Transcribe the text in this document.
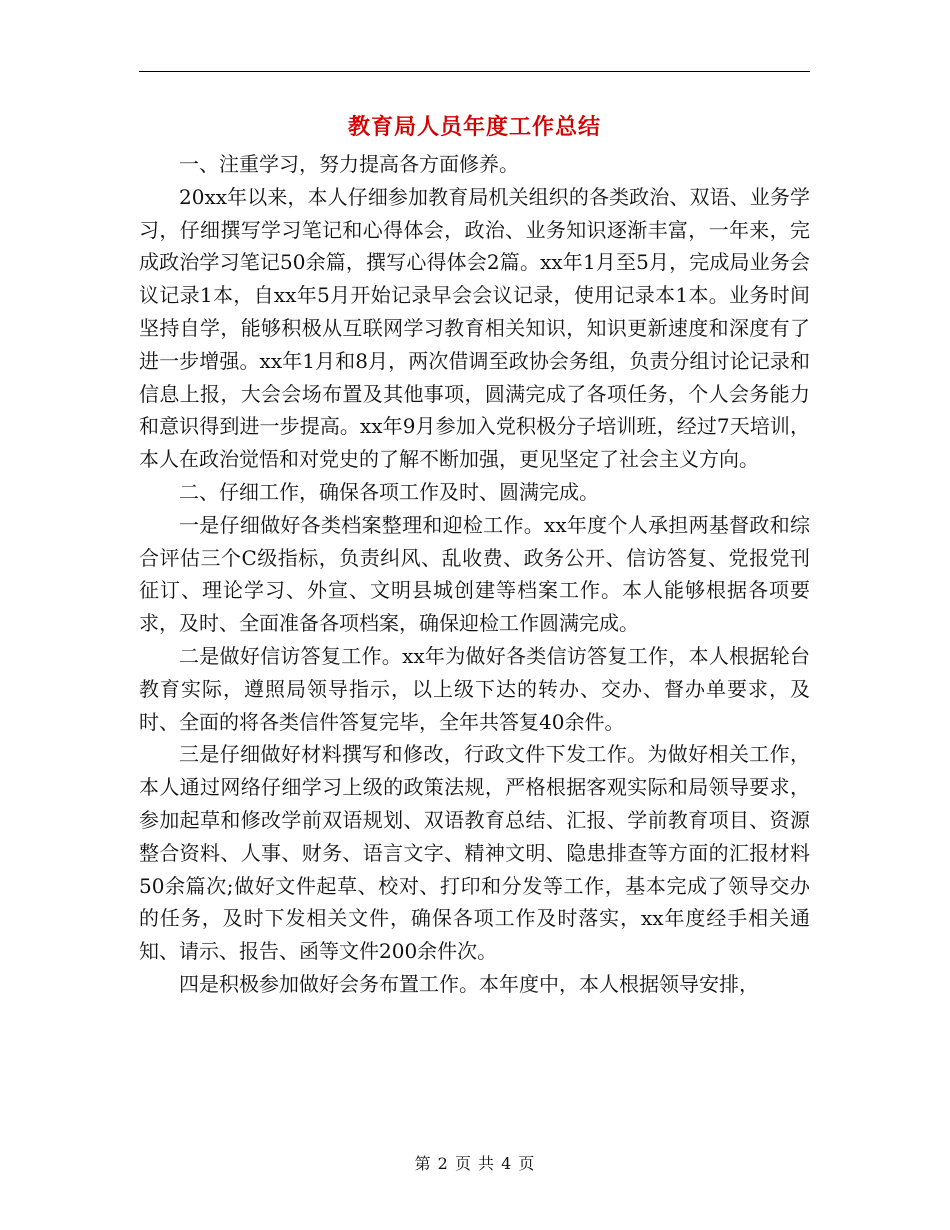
教育局人员年度工作总结

一、注重学习，努力提高各方面修养。

20xx年以来，本人仔细参加教育局机关组织的各类政治、双语、业务学习，仔细撰写学习笔记和心得体会，政治、业务知识逐渐丰富，一年来，完成政治学习笔记50余篇，撰写心得体会2篇。xx年1月至5月，完成局业务会议记录1本，自xx年5月开始记录早会会议记录，使用记录本1本。业务时间坚持自学，能够积极从互联网学习教育相关知识，知识更新速度和深度有了进一步增强。xx年1月和8月，两次借调至政协会务组，负责分组讨论记录和信息上报，大会会场布置及其他事项，圆满完成了各项任务，个人会务能力和意识得到进一步提高。xx年9月参加入党积极分子培训班，经过7天培训，本人在政治觉悟和对党史的了解不断加强，更见坚定了社会主义方向。

二、仔细工作，确保各项工作及时、圆满完成。

一是仔细做好各类档案整理和迎检工作。xx年度个人承担两基督政和综合评估三个C级指标，负责纠风、乱收费、政务公开、信访答复、党报党刊征订、理论学习、外宣、文明县城创建等档案工作。本人能够根据各项要求，及时、全面准备各项档案，确保迎检工作圆满完成。

二是做好信访答复工作。xx年为做好各类信访答复工作，本人根据轮台教育实际，遵照局领导指示，以上级下达的转办、交办、督办单要求，及时、全面的将各类信件答复完毕，全年共答复40余件。

三是仔细做好材料撰写和修改，行政文件下发工作。为做好相关工作，本人通过网络仔细学习上级的政策法规，严格根据客观实际和局领导要求，参加起草和修改学前双语规划、双语教育总结、汇报、学前教育项目、资源整合资料、人事、财务、语言文字、精神文明、隐患排查等方面的汇报材料50余篇次;做好文件起草、校对、打印和分发等工作，基本完成了领导交办的任务，及时下发相关文件，确保各项工作及时落实，xx年度经手相关通知、请示、报告、函等文件200余件次。

四是积极参加做好会务布置工作。本年度中，本人根据领导安排，

第 2 页 共 4 页
